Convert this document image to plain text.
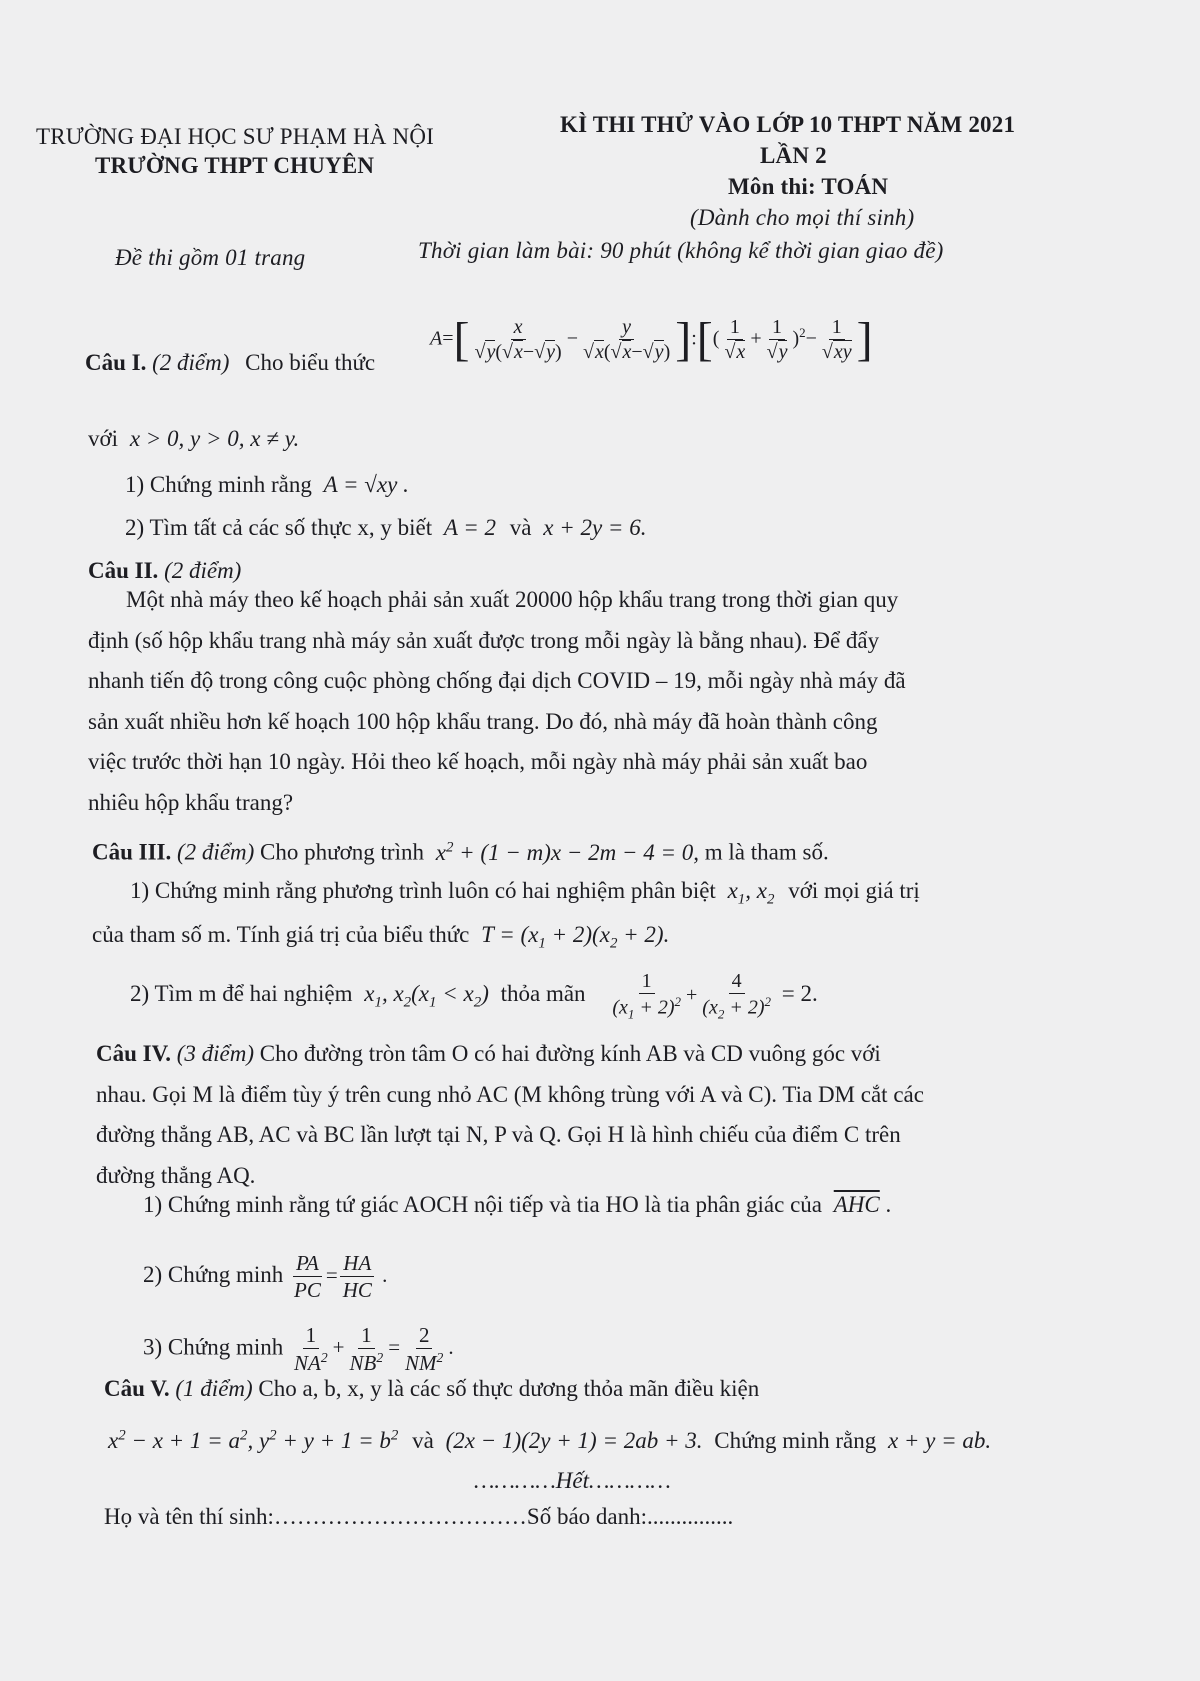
TRƯỜNG ĐẠI HỌC SƯ PHẠM HÀ NỘI
TRƯỜNG THPT CHUYÊN
KÌ THI THỬ VÀO LỚP 10 THPT NĂM 2021
LẦN 2
Môn thi: TOÁN
(Dành cho mọi thí sinh)
Đề thi gồm 01 trang	Thời gian làm bài: 90 phút (không kể thời gian giao đề)
Câu I. (2 điểm) Cho biểu thức
$A=[ \frac{x}{√y(√x-√y)} - \frac{y}{√x(√x-√y)}$ ]:[( $\frac{1}{√x} + \frac{1}{√y} )^2- \frac{1}{√xy}$ ]
với x > 0, y > 0, x ≠ y.
1) Chứng minh rằng A = √xy .
2) Tìm tất cả các số thực x, y biết A = 2 và x + 2y = 6.
Câu II. (2 điểm)

Một nhà máy theo kế hoạch phải sản xuất 20000 hộp khẩu trang trong thời gian quy

định (số hộp khẩu trang nhà máy sản xuất được trong mỗi ngày là bằng nhau). Để đẩy

nhanh tiến độ trong công cuộc phòng chống đại dịch COVID – 19, mỗi ngày nhà máy đã

sản xuất nhiều hơn kế hoạch 100 hộp khẩu trang. Do đó, nhà máy đã hoàn thành công

việc trước thời hạn 10 ngày. Hỏi theo kế hoạch, mỗi ngày nhà máy phải sản xuất bao

nhiêu hộp khẩu trang?

Câu III. (2 điểm) Cho phương trình $x^2 + (1 - m)x - 2m - 4 = 0$, m là tham số.
1) Chứng minh rằng phương trình luôn có hai nghiệm phân biệt $x_1$, $x_2$ với mọi giá trị
của tham số m. Tính giá trị của biểu thức $T = (x_1 + 2)(x_2 + 2)$.
2) Tìm m để hai nghiệm $x_1$, $x_2(x_1 < x_2)$ thỏa mãn $\frac{1}{(x_1 + 2)^2} + \frac{4}{(x_2 + 2)^2} = 2$.

Câu IV. (3 điểm) Cho đường tròn tâm O có hai đường kính AB và CD vuông góc với

nhau. Gọi M là điểm tùy ý trên cung nhỏ AC (M không trùng với A và C). Tia DM cắt các

đường thẳng AB, AC và BC lần lượt tại N, P và Q. Gọi H là hình chiếu của điểm C trên

đường thẳng AQ.

1) Chứng minh rằng tứ giác AOCH nội tiếp và tia HO là tia phân giác của $\overline{AHC}$ .
2) Chứng minh $\frac{PA}{PC} = \frac{HA}{HC}$ .
3) Chứng minh $\frac{1}{NA^2} + \frac{1}{NB^2} = \frac{2}{NM^2}$ .
Câu V. (1 điểm) Cho a, b, x, y là các số thực dương thỏa mãn điều kiện
$x^2 - x + 1 = a^2$, $y^2 + y + 1 = b^2$ và (2x − 1)(2y + 1) = 2ab + 3. Chứng minh rằng x + y = ab.
…………Hết…………
Họ và tên thí sinh:……………………………Số báo danh:...............
